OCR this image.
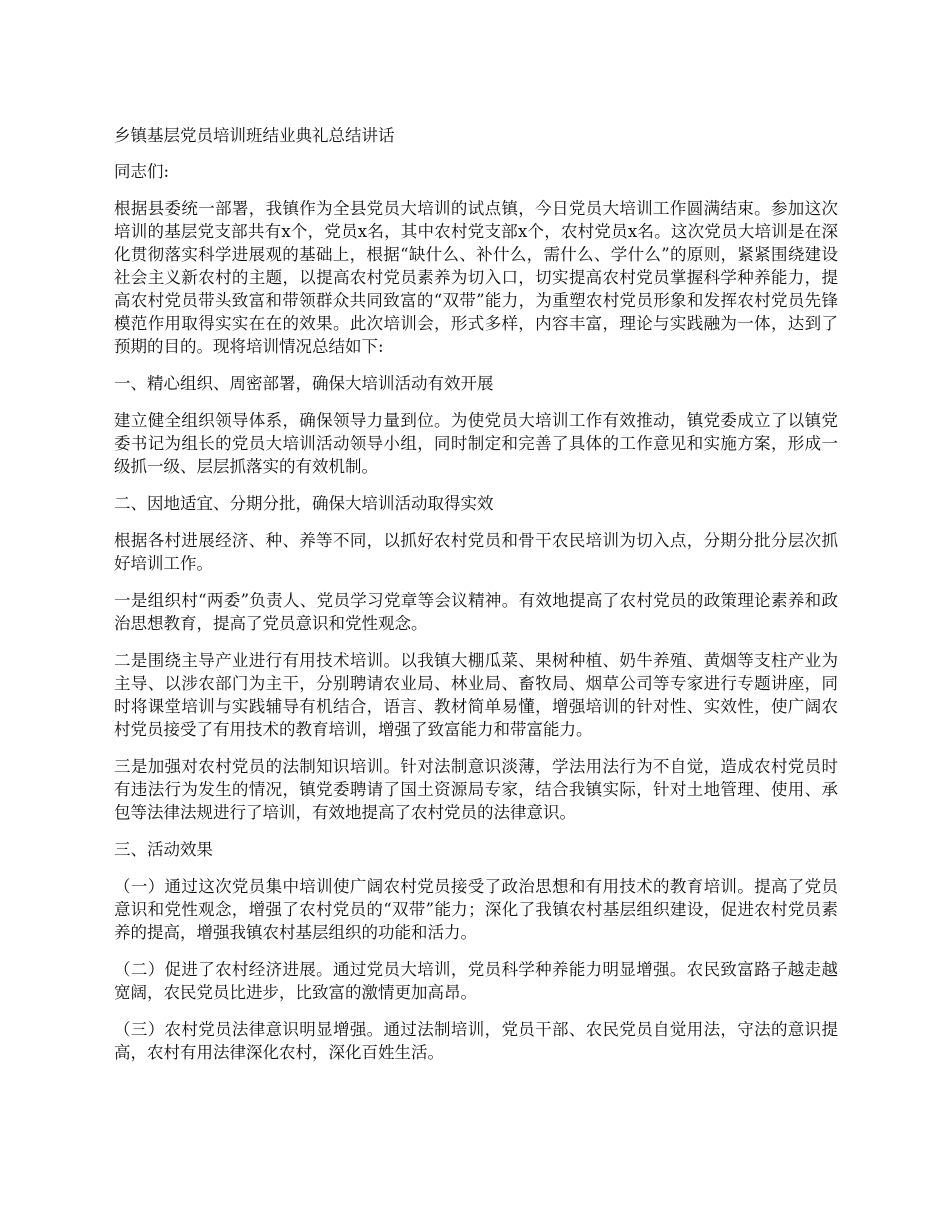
乡镇基层党员培训班结业典礼总结讲话

同志们:

根据县委统一部署，我镇作为全县党员大培训的试点镇，今日党员大培训工作圆满结束。参加这次培训的基层党支部共有x个，党员x名，其中农村党支部x个，农村党员x名。这次党员大培训是在深化贯彻落实科学进展观的基础上，根据“缺什么、补什么，需什么、学什么”的原则，紧紧围绕建设社会主义新农村的主题，以提高农村党员素养为切入口，切实提高农村党员掌握科学种养能力，提高农村党员带头致富和带领群众共同致富的“双带”能力，为重塑农村党员形象和发挥农村党员先锋模范作用取得实实在在的效果。此次培训会，形式多样，内容丰富，理论与实践融为一体，达到了预期的目的。现将培训情况总结如下:

一、精心组织、周密部署，确保大培训活动有效开展

建立健全组织领导体系，确保领导力量到位。为使党员大培训工作有效推动，镇党委成立了以镇党委书记为组长的党员大培训活动领导小组，同时制定和完善了具体的工作意见和实施方案，形成一级抓一级、层层抓落实的有效机制。

二、因地适宜、分期分批，确保大培训活动取得实效

根据各村进展经济、种、养等不同，以抓好农村党员和骨干农民培训为切入点，分期分批分层次抓好培训工作。

一是组织村“两委”负责人、党员学习党章等会议精神。有效地提高了农村党员的政策理论素养和政治思想教育，提高了党员意识和党性观念。

二是围绕主导产业进行有用技术培训。以我镇大棚瓜菜、果树种植、奶牛养殖、黄烟等支柱产业为主导、以涉农部门为主干，分别聘请农业局、林业局、畜牧局、烟草公司等专家进行专题讲座，同时将课堂培训与实践辅导有机结合，语言、教材简单易懂，增强培训的针对性、实效性，使广阔农村党员接受了有用技术的教育培训，增强了致富能力和带富能力。

三是加强对农村党员的法制知识培训。针对法制意识淡薄，学法用法行为不自觉，造成农村党员时有违法行为发生的情况，镇党委聘请了国土资源局专家，结合我镇实际，针对土地管理、使用、承包等法律法规进行了培训，有效地提高了农村党员的法律意识。

三、活动效果

（一）通过这次党员集中培训使广阔农村党员接受了政治思想和有用技术的教育培训。提高了党员意识和党性观念，增强了农村党员的“双带”能力；深化了我镇农村基层组织建设，促进农村党员素养的提高，增强我镇农村基层组织的功能和活力。

（二）促进了农村经济进展。通过党员大培训，党员科学种养能力明显增强。农民致富路子越走越宽阔，农民党员比进步，比致富的激情更加高昂。

（三）农村党员法律意识明显增强。通过法制培训，党员干部、农民党员自觉用法，守法的意识提高，农村有用法律深化农村，深化百姓生活。
